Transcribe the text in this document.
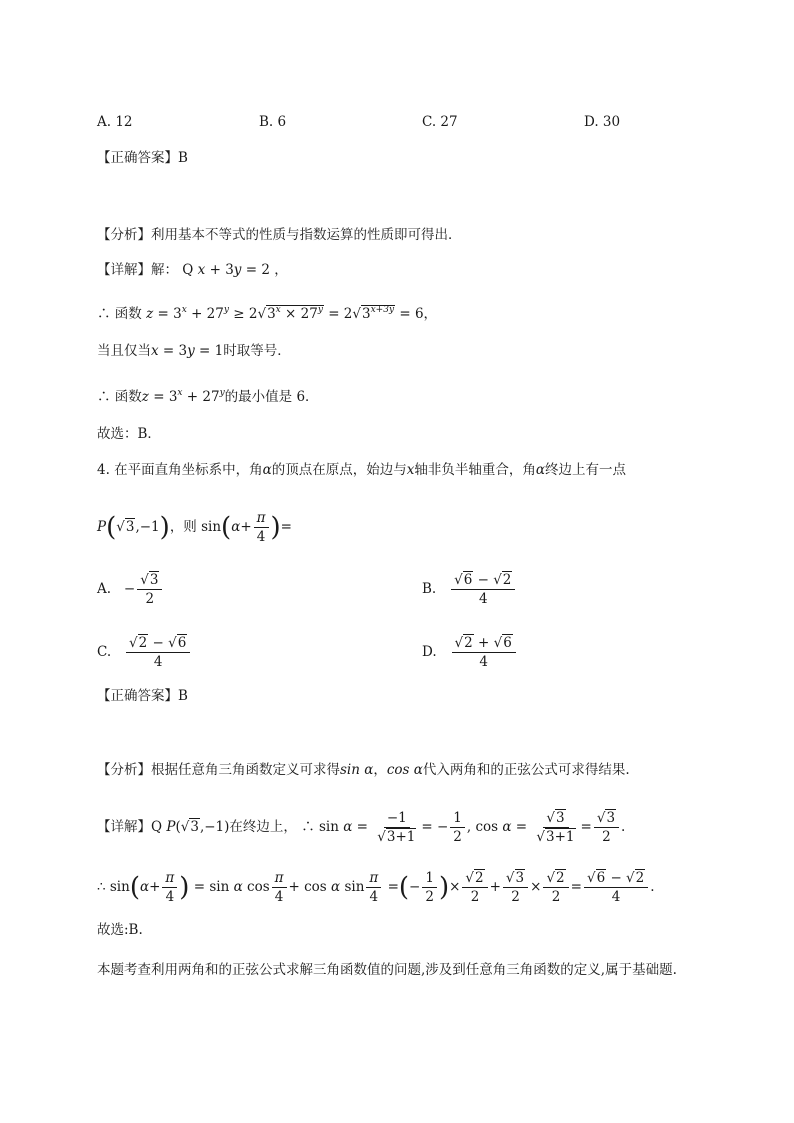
A. 12	B. 6	C. 27	D. 30
【正确答案】B
【分析】利用基本不等式的性质与指数运算的性质即可得出．
【详解】解： Q x + 3y = 2 ，
∴ 函数 $z = 3^x + 27^y \ge 2√3^x \times 27^y = 2√3^{x+3y} = 6$，
当且仅当x = 3y = 1时取等号．
∴ 函数$z = 3^x + 27^y$的最小值是 6．
故选：B．
4. 在平面直角坐标系中，角α的顶点在原点，始边与x轴非负半轴重合，角α终边上有一点
P(√3,−1)，则 $\sin(\alpha+ \frac{\pi}{4}$ )=
A. − $\frac{√3}{2}$	B. $\frac{√6 - √2}{4}$
C. $\frac{√2 - √6}{4}$	D. $\frac{√2 + √6}{4}$
【正确答案】B
【分析】根据任意角三角函数定义可求得sin α，cos α代入两角和的正弦公式可求得结果.
【详解】Q P(√3,−1)在终边上， ∴ $\sin \alpha = \frac{-1}{√3+1}$ = − $\frac{1}{2}$ , $\cos \alpha = \frac{√3}{√3+1} = \frac{√3}{2}$ .
∴ $\sin(\alpha+ \frac{\pi}{4}$ ) = sin α $\cos \frac{\pi}{4} + \cos \alpha$ $\sin \frac{\pi}{4}$ =(− $\frac{1}{2}$ )× $\frac{√2}{2} + \frac{√3}{2} \times \frac{√2}{2} = \frac{√6 - √2}{4}$ .
故选:B.
本题考查利用两角和的正弦公式求解三角函数值的问题,涉及到任意角三角函数的定义,属于基础题.
